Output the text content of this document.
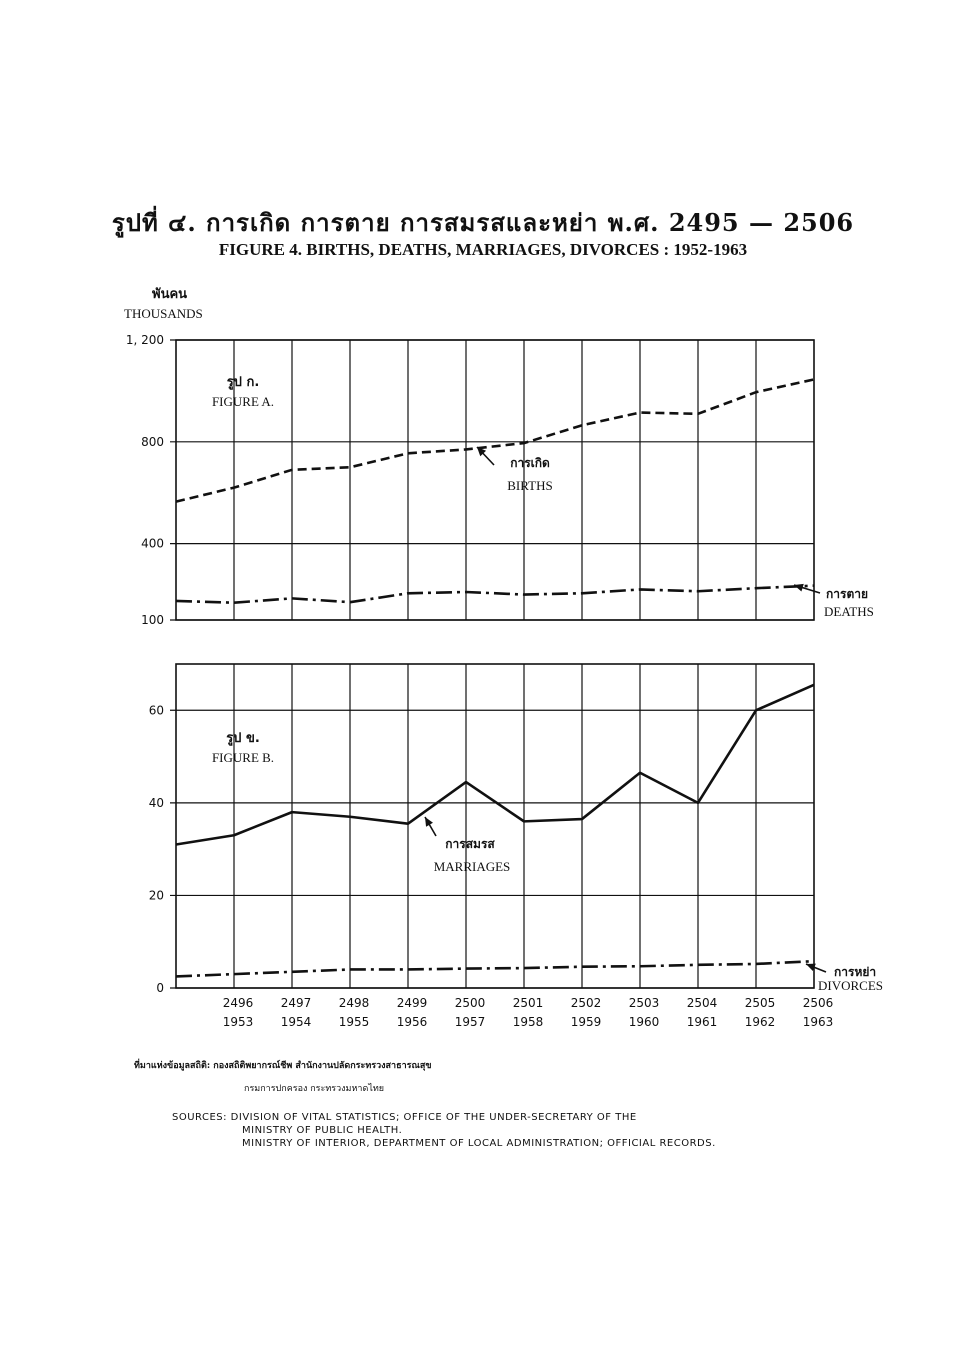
รูปที่ ๔. การเกิด การตาย การสมรสและหย่า พ.ศ. 2495 — 2506
FIGURE 4. BIRTHS, DEATHS, MARRIAGES, DIVORCES : 1952-1963
พันคน
THOUSANDS
100
400
800
1, 200
รูป ก.
FIGURE A.
0
20
40
60
รูป ข.
FIGURE B.
การเกิด
BIRTHS
การตาย
DEATHS
การสมรส
MARRIAGES
การหย่า
DIVORCES
2496
1953
2497
1954
2498
1955
2499
1956
2500
1957
2501
1958
2502
1959
2503
1960
2504
1961
2505
1962
2506
1963
ที่มาแห่งข้อมูลสถิติ: กองสถิติพยากรณ์ชีพ สำนักงานปลัดกระทรวงสาธารณสุข
กรมการปกครอง กระทรวงมหาดไทย
SOURCES: DIVISION OF VITAL STATISTICS; OFFICE OF THE UNDER-SECRETARY OF THE
MINISTRY OF PUBLIC HEALTH.
MINISTRY OF INTERIOR, DEPARTMENT OF LOCAL ADMINISTRATION; OFFICIAL RECORDS.
